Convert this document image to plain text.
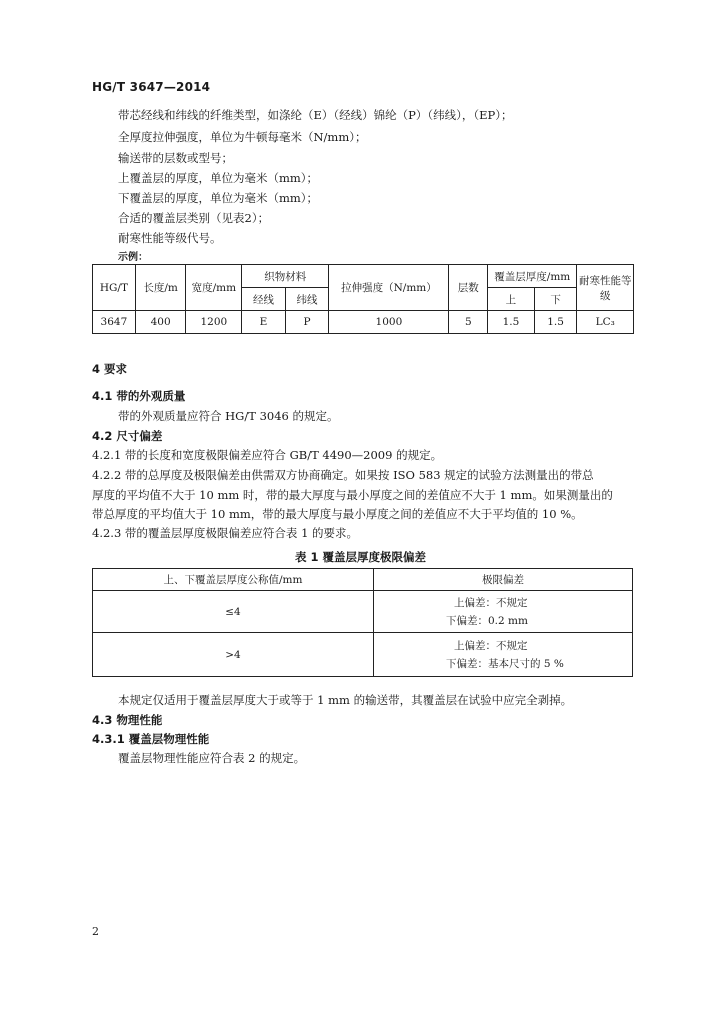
HG/T 3647—2014
带芯经线和纬线的纤维类型，如涤纶（E）（经线）锦纶（P）（纬线），（EP）；
全厚度拉伸强度，单位为牛顿每毫米（N/mm）；
输送带的层数或型号；
上覆盖层的厚度，单位为毫米（mm）；
下覆盖层的厚度，单位为毫米（mm）；
合适的覆盖层类别（见表2）；
耐寒性能等级代号。
示例：
HG/T	长度/m	宽度/mm	织物材料		拉伸强度（N/mm）	层数	覆盖层厚度/mm		耐寒性能等级
			经线	纬线			上	下	
3647	400	1200	E	P	1000	5	1.5	1.5	LC₃
4 要求
4.1 带的外观质量
带的外观质量应符合 HG/T 3046 的规定。
4.2 尺寸偏差
4.2.1 带的长度和宽度极限偏差应符合 GB/T 4490—2009 的规定。
4.2.2 带的总厚度及极限偏差由供需双方协商确定。如果按 ISO 583 规定的试验方法测量出的带总
厚度的平均值不大于 10 mm 时，带的最大厚度与最小厚度之间的差值应不大于 1 mm。如果测量出的
带总厚度的平均值大于 10 mm，带的最大厚度与最小厚度之间的差值应不大于平均值的 10 %。
4.2.3 带的覆盖层厚度极限偏差应符合表 1 的要求。
表 1 覆盖层厚度极限偏差
上、下覆盖层厚度公称值/mm	极限偏差
≤4	上偏差：不规定
下偏差：0.2 mm

>4	上偏差：不规定
下偏差：基本尺寸的 5 %
本规定仅适用于覆盖层厚度大于或等于 1 mm 的输送带，其覆盖层在试验中应完全剥掉。
4.3 物理性能
4.3.1 覆盖层物理性能
覆盖层物理性能应符合表 2 的规定。
2
